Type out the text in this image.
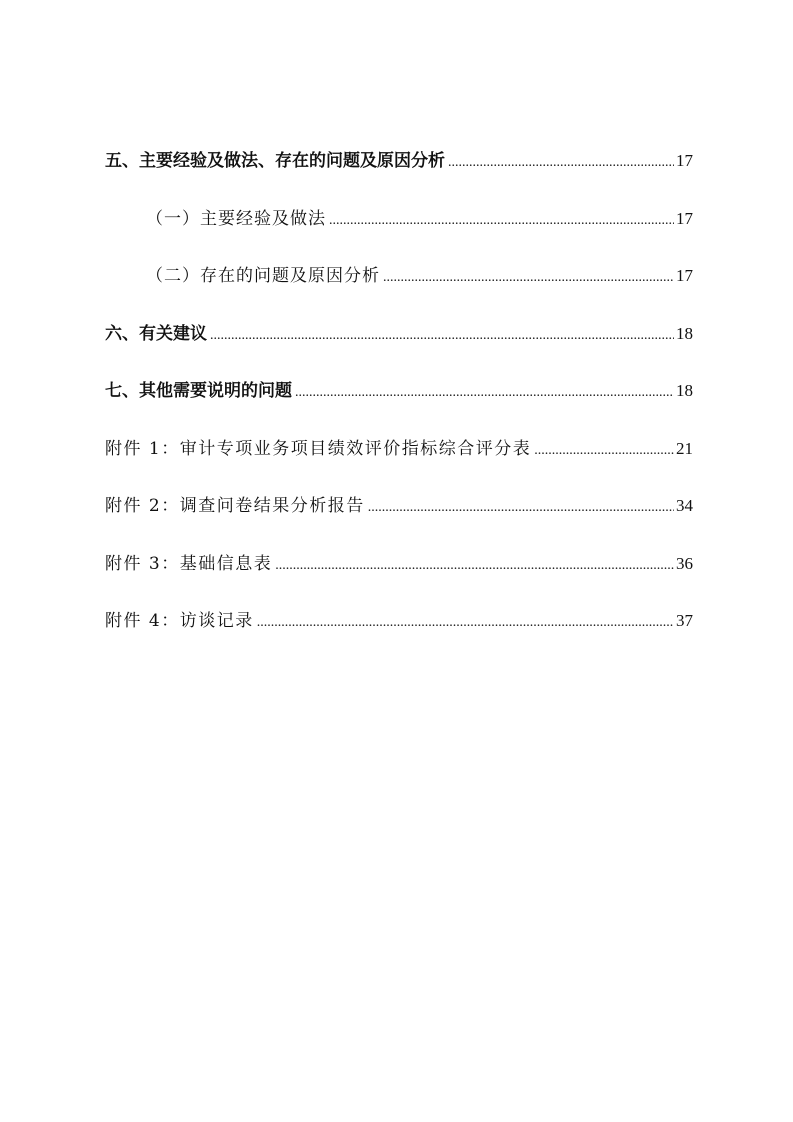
五、主要经验及做法、存在的问题及原因分析 .....	17
（一）主要经验及做法 .....	17
（二）存在的问题及原因分析 .....	17
六、有关建议 .....	18
七、其他需要说明的问题 .....	18
附件 1：审计专项业务项目绩效评价指标综合评分表 .....	21
附件 2：调查问卷结果分析报告 .....	34
附件 3：基础信息表 .....	36
附件 4：访谈记录 .....	37
